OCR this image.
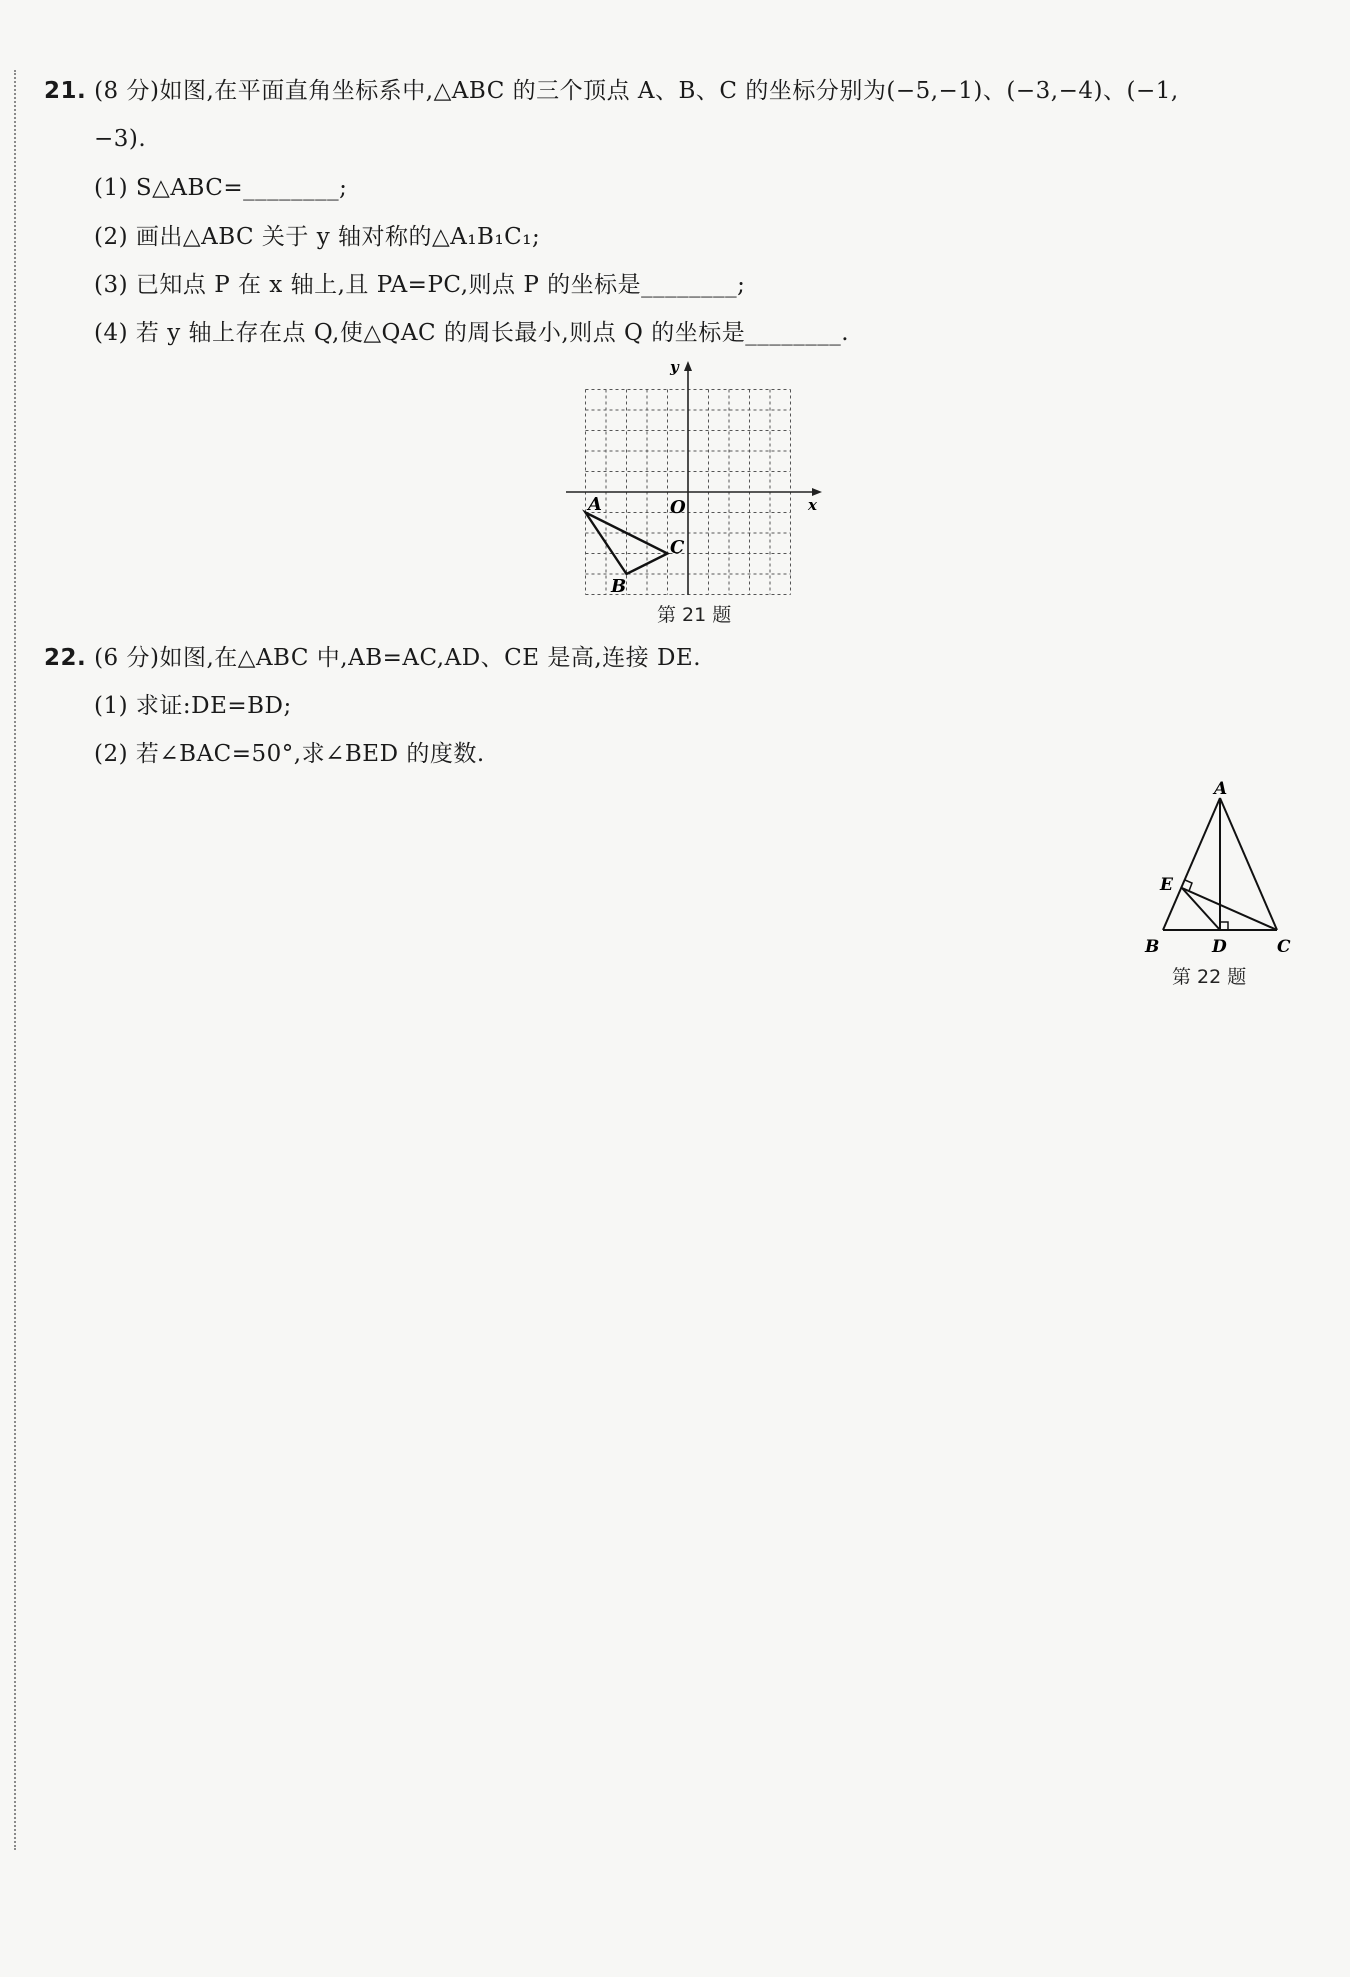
21. (8 分)如图,在平面直角坐标系中,△ABC 的三个顶点 A、B、C 的坐标分别为(−5,−1)、(−3,−4)、(−1,
−3).
(1) S△ABC=________;
(2) 画出△ABC 关于 y 轴对称的△A₁B₁C₁;
(3) 已知点 P 在 x 轴上,且 PA=PC,则点 P 的坐标是________;
(4) 若 y 轴上存在点 Q,使△QAC 的周长最小,则点 Q 的坐标是________.
x
y
O
A
B
C
第 21 题
22. (6 分)如图,在△ABC 中,AB=AC,AD、CE 是高,连接 DE.
(1) 求证:DE=BD;
(2) 若∠BAC=50°,求∠BED 的度数.
A
B	C
D
E
第 22 题
